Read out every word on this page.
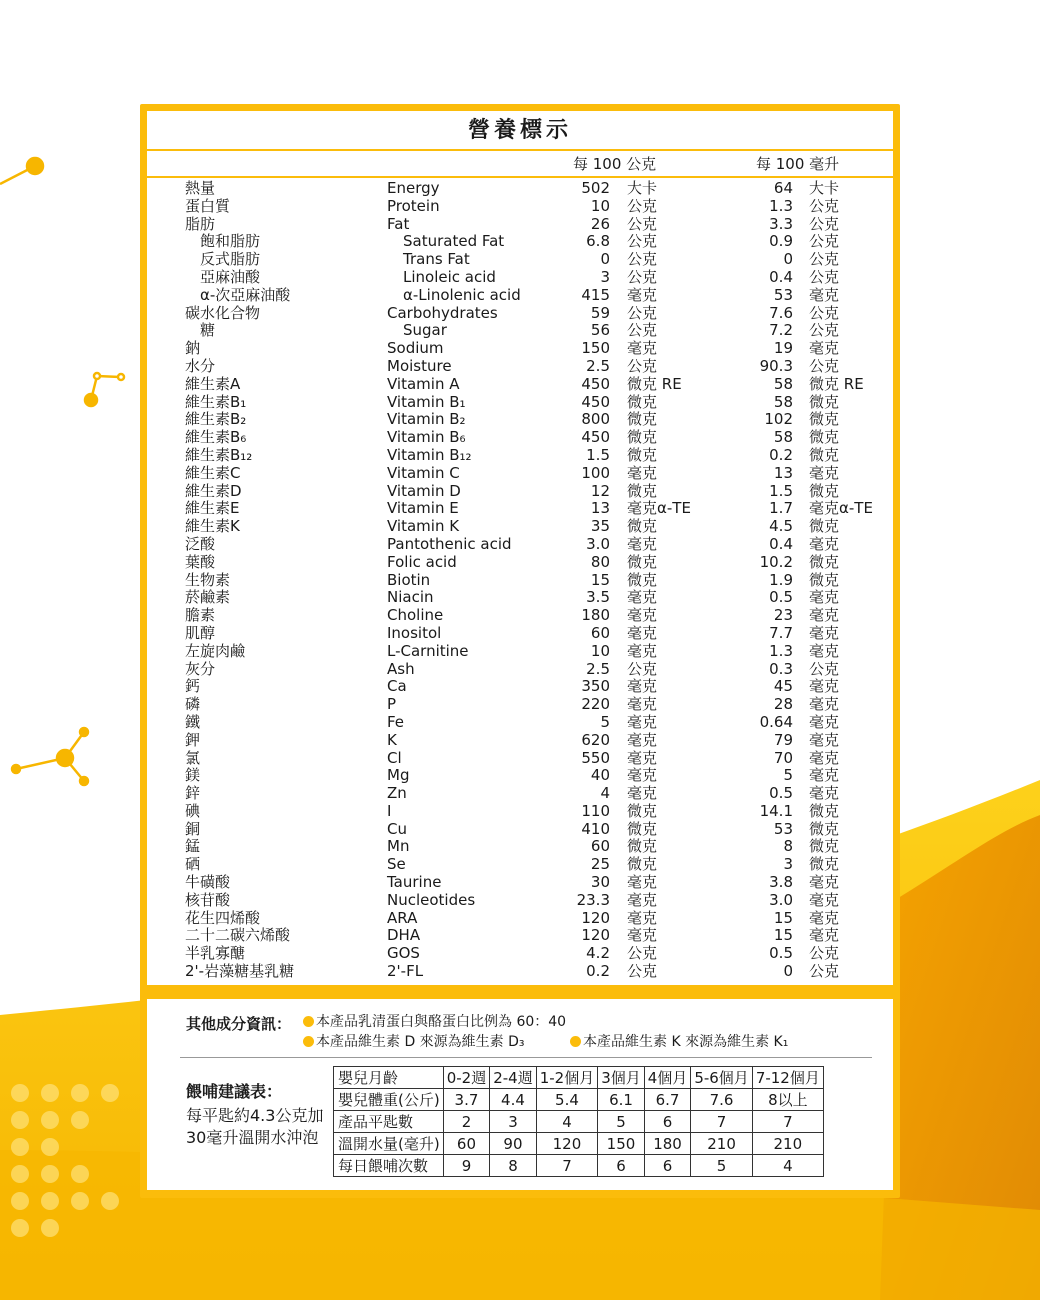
營養標示
每 100 公克	每 100 毫升
熱量	Energy	502 大卡	64 大卡
蛋白質	Protein	10 公克	1.3 公克
脂肪	Fat	26 公克	3.3 公克
飽和脂肪	Saturated Fat	6.8 公克	0.9 公克
反式脂肪	Trans Fat	0 公克	0 公克
亞麻油酸	Linoleic acid	3 公克	0.4 公克
α-次亞麻油酸	α-Linolenic acid	415 毫克	53 毫克
碳水化合物	Carbohydrates	59 公克	7.6 公克
糖	Sugar	56 公克	7.2 公克
鈉	Sodium	150 毫克	19 毫克
水分	Moisture	2.5 公克	90.3 公克
維生素A	Vitamin A	450 微克 RE	58 微克 RE
維生素B₁	Vitamin B₁	450 微克	58 微克
維生素B₂	Vitamin B₂	800 微克	102 微克
維生素B₆	Vitamin B₆	450 微克	58 微克
維生素B₁₂	Vitamin B₁₂	1.5 微克	0.2 微克
維生素C	Vitamin C	100 毫克	13 毫克
維生素D	Vitamin D	12 微克	1.5 微克
維生素E	Vitamin E	13 毫克α-TE	1.7 毫克α-TE
維生素K	Vitamin K	35 微克	4.5 微克
泛酸	Pantothenic acid	3.0 毫克	0.4 毫克
葉酸	Folic acid	80 微克	10.2 微克
生物素	Biotin	15 微克	1.9 微克
菸鹼素	Niacin	3.5 毫克	0.5 毫克
膽素	Choline	180 毫克	23 毫克
肌醇	Inositol	60 毫克	7.7 毫克
左旋肉鹼	L-Carnitine	10 毫克	1.3 毫克
灰分	Ash	2.5 公克	0.3 公克
鈣	Ca	350 毫克	45 毫克
磷	P	220 毫克	28 毫克
鐵	Fe	5 毫克	0.64 毫克
鉀	K	620 毫克	79 毫克
氯	Cl	550 毫克	70 毫克
鎂	Mg	40 毫克	5 毫克
鋅	Zn	4 毫克	0.5 毫克
碘	I	110 微克	14.1 微克
銅	Cu	410 微克	53 微克
錳	Mn	60 微克	8 微克
硒	Se	25 微克	3 微克
牛磺酸	Taurine	30 毫克	3.8 毫克
核苷酸	Nucleotides	23.3 毫克	3.0 毫克
花生四烯酸	ARA	120 毫克	15 毫克
二十二碳六烯酸	DHA	120 毫克	15 毫克
半乳寡醣	GOS	4.2 公克	0.5 公克
2'-岩藻糖基乳糖	2'-FL	0.2 公克	0 公克
其他成分資訊：	本產品乳清蛋白與酪蛋白比例為 60：40
本產品維生素 D 來源為維生素 D₃	本產品維生素 K 來源為維生素 K₁
餵哺建議表：
每平匙約4.3公克加30毫升溫開水沖泡
嬰兒月齡	0-2週	2-4週	1-2個月	3個月	4個月	5-6個月	7-12個月
嬰兒體重(公斤)	3.7	4.4	5.4	6.1	6.7	7.6	8以上
產品平匙數	2	3	4	5	6	7	7
溫開水量(毫升)	60	90	120	150	180	210	210
每日餵哺次數	9	8	7	6	6	5	4
